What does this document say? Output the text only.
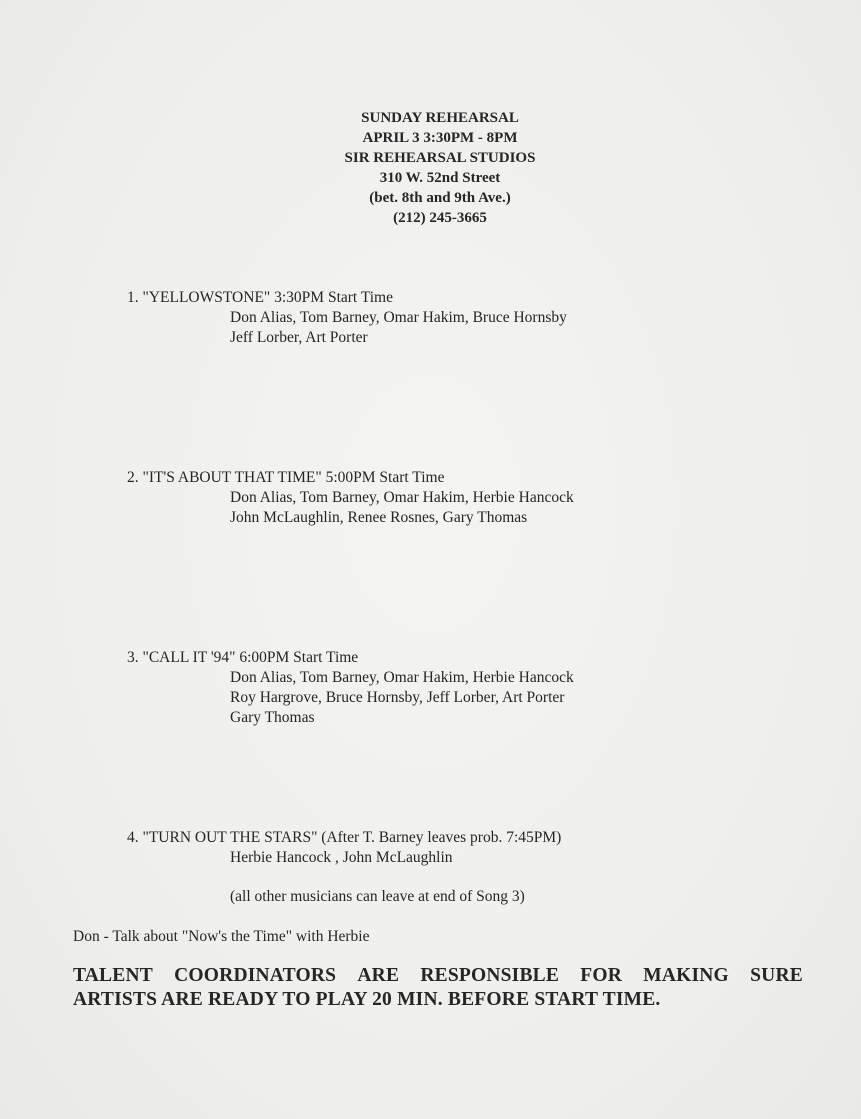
SUNDAY REHEARSAL
APRIL 3 3:30PM - 8PM
SIR REHEARSAL STUDIOS
310 W. 52nd Street
(bet. 8th and 9th Ave.)
(212) 245-3665
1. "YELLOWSTONE" 3:30PM Start Time
Don Alias, Tom Barney, Omar Hakim, Bruce Hornsby
Jeff Lorber, Art Porter
2. "IT'S ABOUT THAT TIME" 5:00PM Start Time
Don Alias, Tom Barney, Omar Hakim, Herbie Hancock
John McLaughlin, Renee Rosnes, Gary Thomas
3. "CALL IT '94" 6:00PM Start Time
Don Alias, Tom Barney, Omar Hakim, Herbie Hancock
Roy Hargrove, Bruce Hornsby, Jeff Lorber, Art Porter
Gary Thomas
4. "TURN OUT THE STARS" (After T. Barney leaves prob. 7:45PM)
Herbie Hancock , John McLaughlin
(all other musicians can leave at end of Song 3)
Don - Talk about "Now's the Time" with Herbie
TALENT COORDINATORS ARE RESPONSIBLE FOR MAKING SURE
ARTISTS ARE READY TO PLAY 20 MIN. BEFORE START TIME.
